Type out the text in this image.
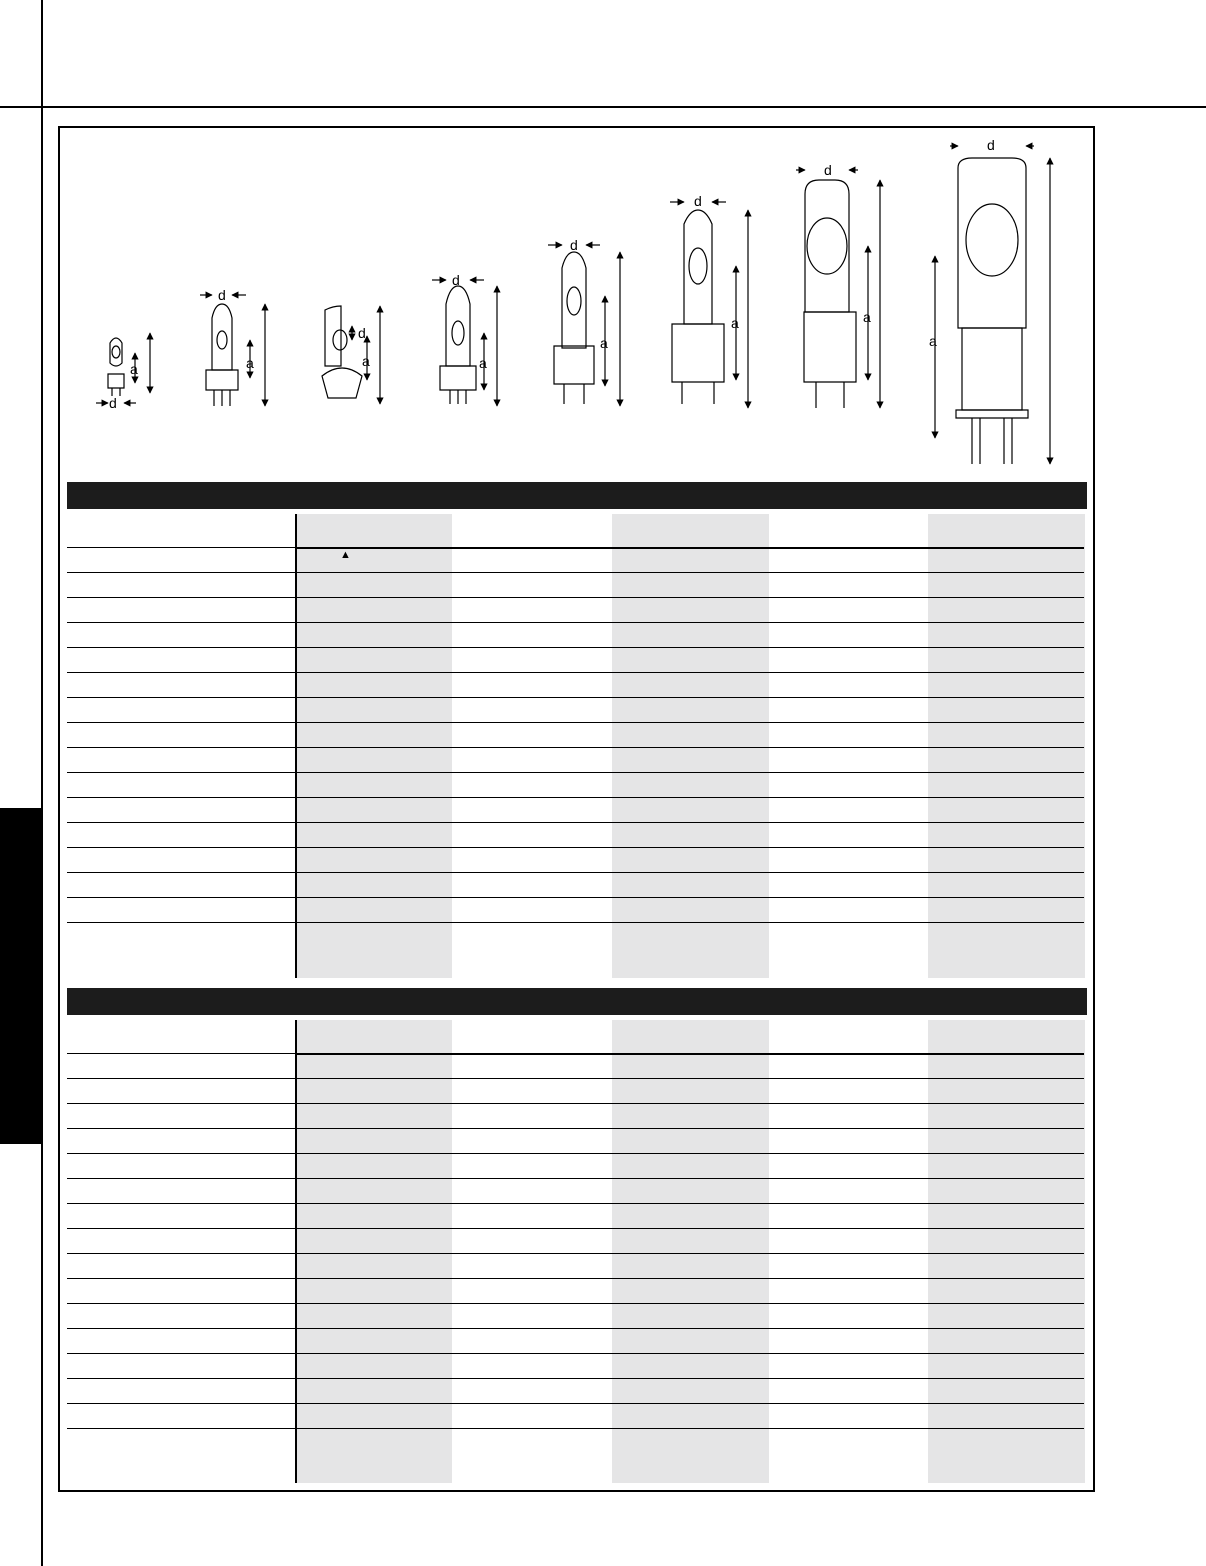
d
a
d
a
d
a
d
a
d
a
d
a
d
a
d
a
▲
